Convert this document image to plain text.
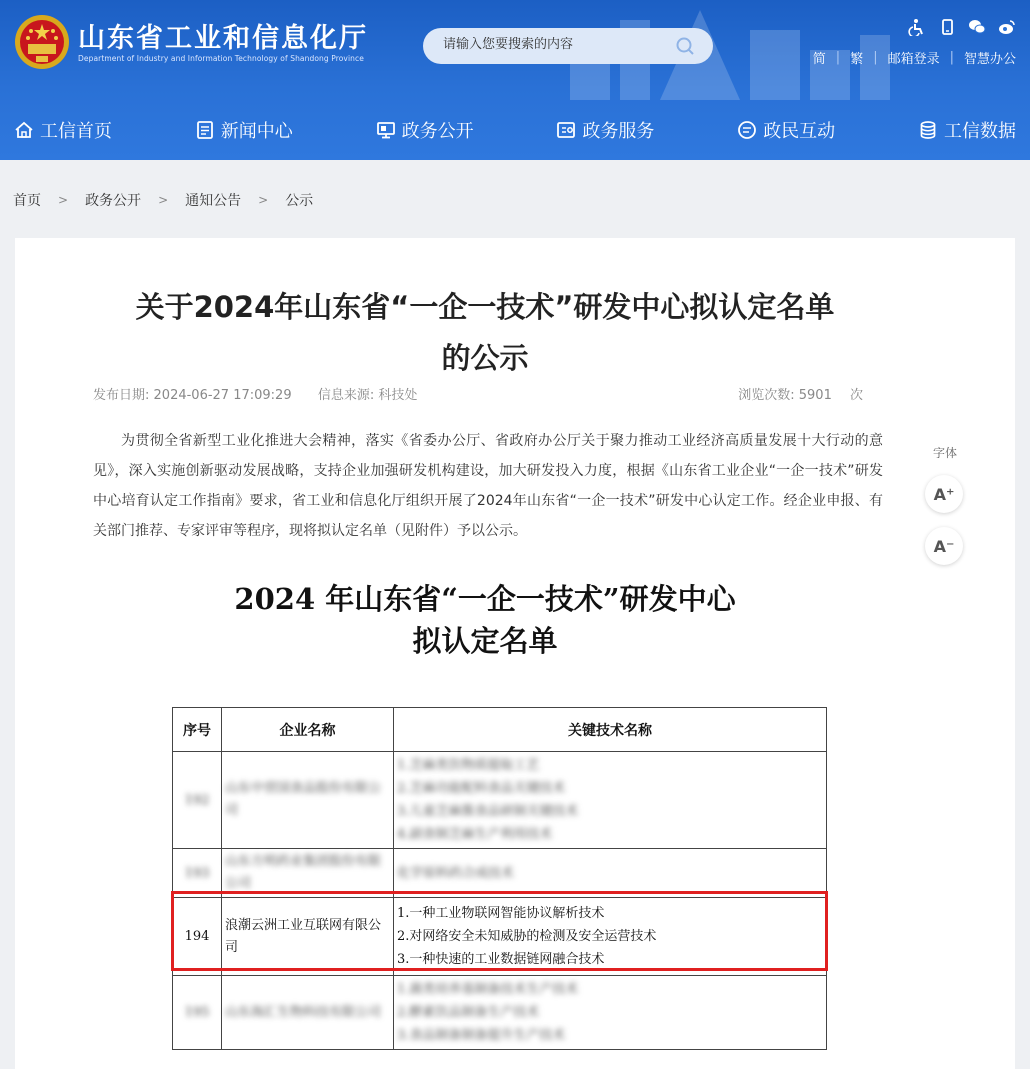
山东省工业和信息化厅
Department of Industry and Information Technology of Shandong Province
请输入您要搜索的内容	简 | 繁 | 邮箱登录 | 智慧办公
工信首页	新闻中心	政务公开	政务服务	政民互动	工信数据
首页 > 政务公开 > 通知公告 > 公示
关于2024年山东省“一企一技术”研发中心拟认定名单
的公示
发布日期: 2024-06-27 17:09:29 信息来源: 科技处	浏览次数: 5901 次
为贯彻全省新型工业化推进大会精神，落实《省委办公厅、省政府办公厅关于聚力推动工业经济高质量发展十大行动的意见》，深入实施创新驱动发展战略，支持企业加强研发机构建设，加大研发投入力度，根据《山东省工业企业“一企一技术”研发中心培育认定工作指南》要求，省工业和信息化厅组织开展了2024年山东省“一企一技术”研发中心认定工作。经企业申报、有关部门推荐、专家评审等程序，现将拟认定名单（见附件）予以公示。
字体
A⁺
A⁻
2024 年山东省“一企一技术”研发中心
拟认定名单
序号	企业名称	关键技术名称
192	山东中营国食品股份有限公司	1.芝麻类饮物质提取工艺
2.芝麻功能配料食品关键技术
3.儿童芝麻酱食品研制关键技术
4.副食制芝麻生产利用技术

193	山东方明药业集团股份有限公司	化学原料药合成技术

194	浪潮云洲工业互联网有限公司	1.一种工业物联网智能协议解析技术
2.对网络安全未知威胁的检测及安全运营技术
3.一种快速的工业数据链网融合技术

195	山东海汇生物科技有限公司	1.菌类培养基制备技术生产技术
2.酵素饮品制备生产技术
3.食品制备制备提升生产技术
